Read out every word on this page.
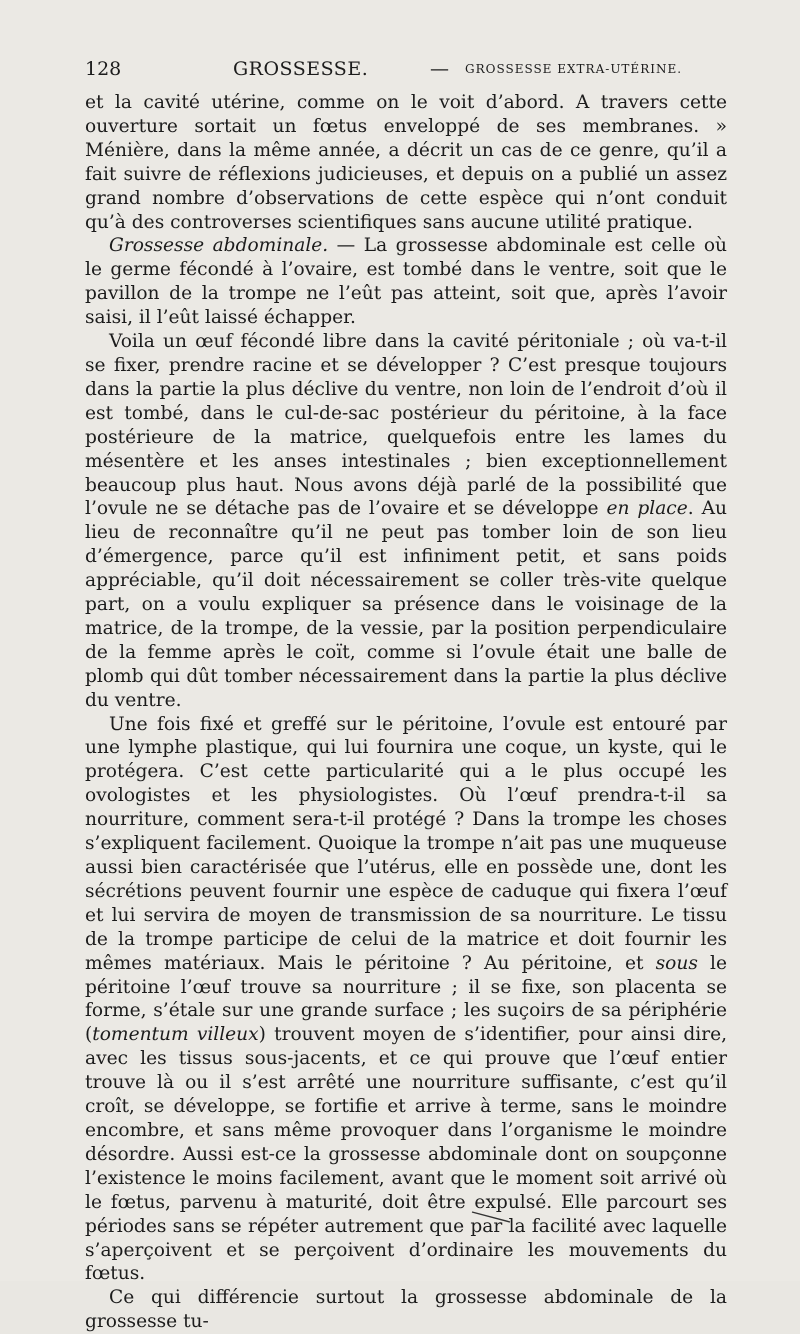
128	GROSSESSE.	— GROSSESSE EXTRA-UTÉRINE.

et la cavité utérine, comme on le voit d’abord. A travers cette ouverture sortait un fœtus enveloppé de ses membranes. » Ménière, dans la même année, a décrit un cas de ce genre, qu’il a fait suivre de réflexions judicieuses, et depuis on a publié un assez grand nombre d’observations de cette espèce qui n’ont conduit qu’à des controverses scientifiques sans aucune utilité pratique.

Grossesse abdominale. — La grossesse abdominale est celle où le germe fécondé à l’ovaire, est tombé dans le ventre, soit que le pavillon de la trompe ne l’eût pas atteint, soit que, après l’avoir saisi, il l’eût laissé échapper.

Voila un œuf fécondé libre dans la cavité péritoniale ; où va-t-il se fixer, prendre racine et se développer ? C’est presque toujours dans la partie la plus déclive du ventre, non loin de l’endroit d’où il est tombé, dans le cul-de-sac postérieur du péritoine, à la face postérieure de la matrice, quelquefois entre les lames du mésentère et les anses intestinales ; bien exceptionnellement beaucoup plus haut. Nous avons déjà parlé de la possibilité que l’ovule ne se détache pas de l’ovaire et se développe en place. Au lieu de reconnaître qu’il ne peut pas tomber loin de son lieu d’émergence, parce qu’il est infiniment petit, et sans poids appréciable, qu’il doit nécessairement se coller très-vite quelque part, on a voulu expliquer sa présence dans le voisinage de la matrice, de la trompe, de la vessie, par la position perpendiculaire de la femme après le coït, comme si l’ovule était une balle de plomb qui dût tomber nécessairement dans la partie la plus déclive du ventre.

Une fois fixé et greffé sur le péritoine, l’ovule est entouré par une lymphe plastique, qui lui fournira une coque, un kyste, qui le protégera. C’est cette particularité qui a le plus occupé les ovologistes et les physiologistes. Où l’œuf prendra-t-il sa nourriture, comment sera-t-il protégé ? Dans la trompe les choses s’expliquent facilement. Quoique la trompe n’ait pas une muqueuse aussi bien caractérisée que l’utérus, elle en possède une, dont les sécrétions peuvent fournir une espèce de caduque qui fixera l’œuf et lui servira de moyen de transmission de sa nourriture. Le tissu de la trompe participe de celui de la matrice et doit fournir les mêmes matériaux. Mais le péritoine ? Au péritoine, et sous le péritoine l’œuf trouve sa nourriture ; il se fixe, son placenta se forme, s’étale sur une grande surface ; les suçoirs de sa périphérie (tomentum villeux) trouvent moyen de s’identifier, pour ainsi dire, avec les tissus sous-jacents, et ce qui prouve que l’œuf entier trouve là ou il s’est arrêté une nourriture suffisante, c’est qu’il croît, se développe, se fortifie et arrive à terme, sans le moindre encombre, et sans même provoquer dans l’organisme le moindre désordre. Aussi est-ce la grossesse abdominale dont on soupçonne l’existence le moins facilement, avant que le moment soit arrivé où le fœtus, parvenu à maturité, doit être expulsé. Elle parcourt ses périodes sans se répéter autrement que par la facilité avec laquelle s’aperçoivent et se perçoivent d’ordinaire les mouvements du fœtus.

Ce qui différencie surtout la grossesse abdominale de la grossesse tu-
